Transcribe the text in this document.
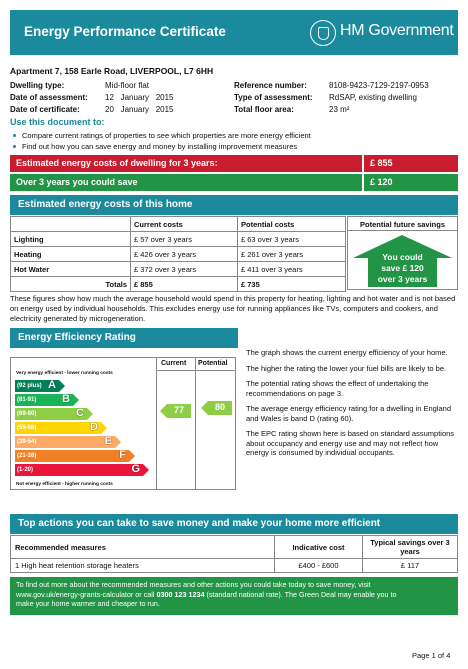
Energy Performance Certificate	HM Government
Apartment 7, 158 Earle Road, LIVERPOOL, L7 6HH
Dwelling type:	Mid-floor flat
Date of assessment:	12   January   2015
Date of certificate:	20   January   2015
Reference number:	8108-9423-7129-2197-0953
Type of assessment:	RdSAP, existing dwelling
Total floor area:	23 m²
Use this document to:
Compare current ratings of properties to see which properties are more energy efficient
Find out how you can save energy and money by installing improvement measures
Estimated energy costs of dwelling for 3 years:	£ 855
Over 3 years you could save	£ 120
Estimated energy costs of this home
	Current costs	Potential costs
Lighting	£ 57 over 3 years	£ 63 over 3 years
Heating	£ 426 over 3 years	£ 261 over 3 years
Hot Water	£ 372 over 3 years	£ 411 over 3 years
Totals	£ 855	£ 735
Potential future savings
You could
save £ 120
over 3 years
These figures show how much the average household would spend in this property for heating, lighting and hot water and is not based on energy used by individual households. This excludes energy use for running appliances like TVs, computers and cookers, and electricity generated by microgeneration.
Energy Efficiency Rating
Current Potential
Very energy efficient - lower running costs
Not energy efficient - higher running costs
(92 plus) A
(81-91) B
(69-80)	C
(55-68)	D
(39-54)	E
(21-38)	F
(1-20)	G
77	80

The graph shows the current energy efficiency of your home.

The higher the rating the lower your fuel bills are likely to be.

The potential rating shows the effect of undertaking the recommendations on page 3.

The average energy efficiency rating for a dwelling in England and Wales is band D (rating 60).

The EPC rating shown here is based on standard assumptions about occupancy and energy use and may not reflect how energy is consumed by individual occupants.

Top actions you can take to save money and make your home more efficient
Recommended measures	Indicative cost	Typical savings over 3 years
1 High heat retention storage heaters	£400 - £600	£ 117
To find out more about the recommended measures and other actions you could take today to save money, visit
www.gov.uk/energy-grants-calculator or call 0300 123 1234 (standard national rate). The Green Deal may enable you to
make your home warmer and cheaper to run.
Page 1 of 4
